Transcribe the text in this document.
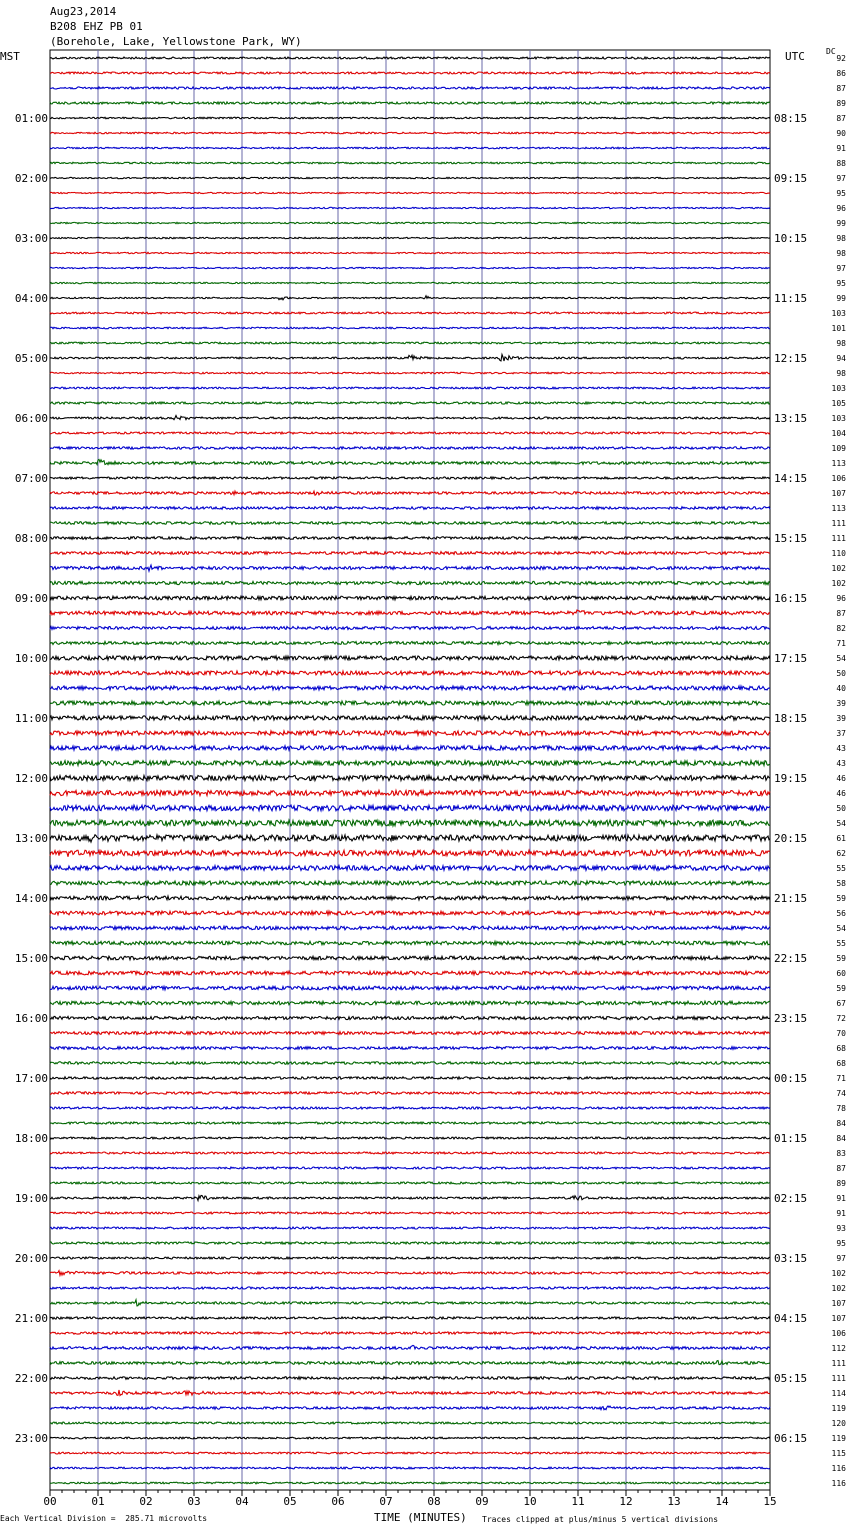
Aug23,2014
B208 EHZ PB 01
(Borehole, Lake, Yellowstone Park, WY)
MST	UTC	DC
00	01	02	03	04	05	06	07	08	09	10	11	12	13	14	15
92
86
87
89
87
01:00	08:15
90
91
88
97
02:00	09:15
95
96
99
98
03:00	10:15
98
97
95
99
04:00	11:15
103
101
98
94
05:00	12:15
98
103
105
103
06:00	13:15
104
109
113
106
07:00	14:15
107
113
111
111
08:00	15:15
110
102
102
96
09:00	16:15
87
82
71
54
10:00	17:15
50
40
39
39
11:00	18:15
37
43
43
46
12:00	19:15
46
50
54
61
13:00	20:15
62
55
58
59
14:00	21:15
56
54
55
59
15:00	22:15
60
59
67
72
16:00	23:15
70
68
68
71
17:00	00:15
74
78
84
84
18:00	01:15
83
87
89
91
19:00	02:15
91
93
95
97
20:00	03:15
102
102
107
107
21:00	04:15
106
112
111
111
22:00	05:15
114
119
120
119
23:00	06:15
115
116
116
Each Vertical Division =  285.71 microvolts	TIME (MINUTES) Traces clipped at plus/minus 5 vertical divisions
